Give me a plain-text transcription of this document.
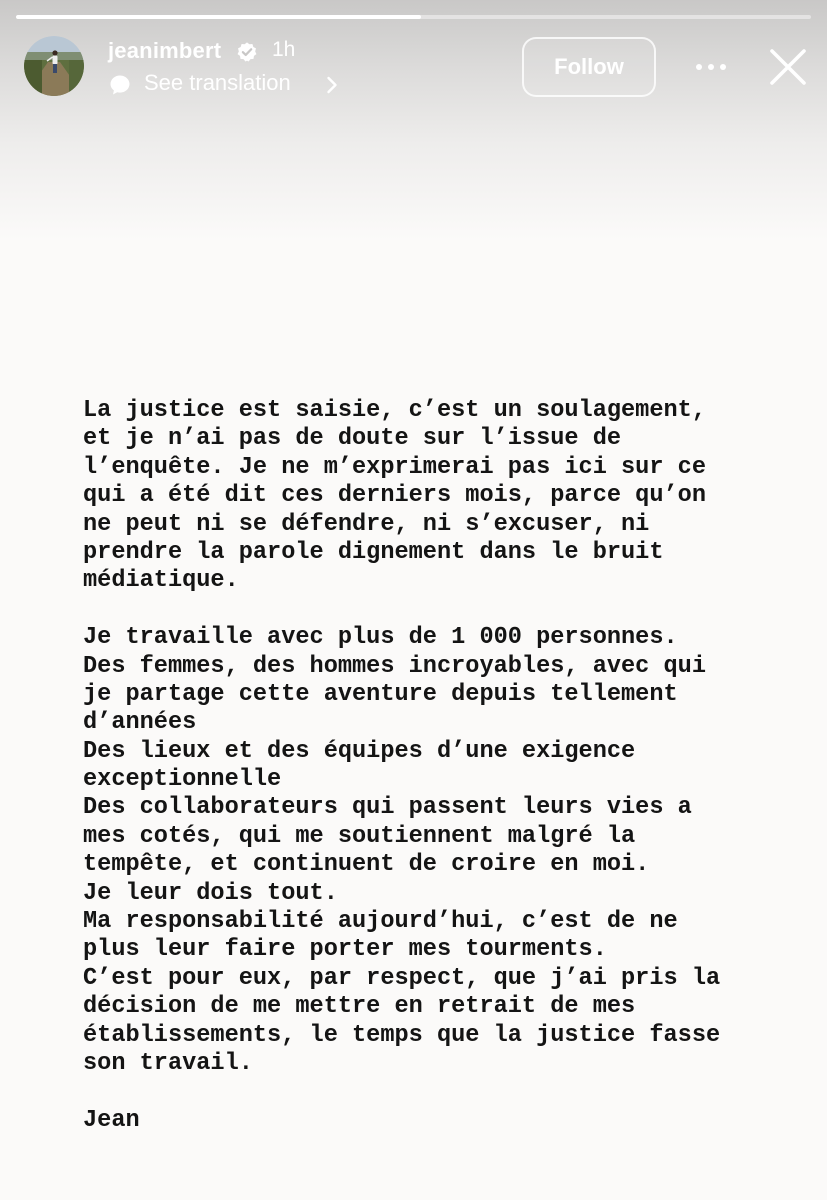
jeanimbert 1h
See translation
Follow
La justice est saisie, c’est un soulagement,
et je n’ai pas de doute sur l’issue de
l’enquête. Je ne m’exprimerai pas ici sur ce
qui a été dit ces derniers mois, parce qu’on
ne peut ni se défendre, ni s’excuser, ni
prendre la parole dignement dans le bruit
médiatique.
Je travaille avec plus de 1 000 personnes.
Des femmes, des hommes incroyables, avec qui
je partage cette aventure depuis tellement
d’années
Des lieux et des équipes d’une exigence
exceptionnelle
Des collaborateurs qui passent leurs vies a
mes cotés, qui me soutiennent malgré la
tempête, et continuent de croire en moi.
Je leur dois tout.
Ma responsabilité aujourd’hui, c’est de ne
plus leur faire porter mes tourments.
C’est pour eux, par respect, que j’ai pris la
décision de me mettre en retrait de mes
établissements, le temps que la justice fasse
son travail.
Jean
